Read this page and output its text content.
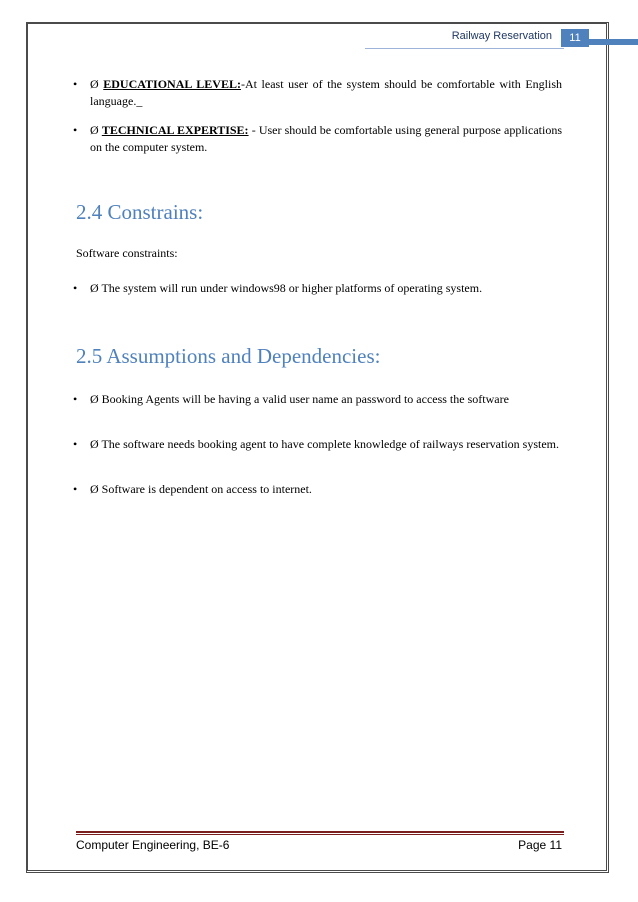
Railway Reservation	11
• Ø EDUCATIONAL LEVEL:-At least user of the system should be comfortable with English language._
• Ø TECHNICAL EXPERTISE: - User should be comfortable using general purpose applications on the computer system.
2.4 Constrains:
Software constraints:
• Ø The system will run under windows98 or higher platforms of operating system.
2.5 Assumptions and Dependencies:
• Ø Booking Agents will be having a valid user name an password to access the software
• Ø The software needs booking agent to have complete knowledge of railways reservation system.
• Ø Software is dependent on access to internet.
Computer Engineering, BE-6	Page 11
